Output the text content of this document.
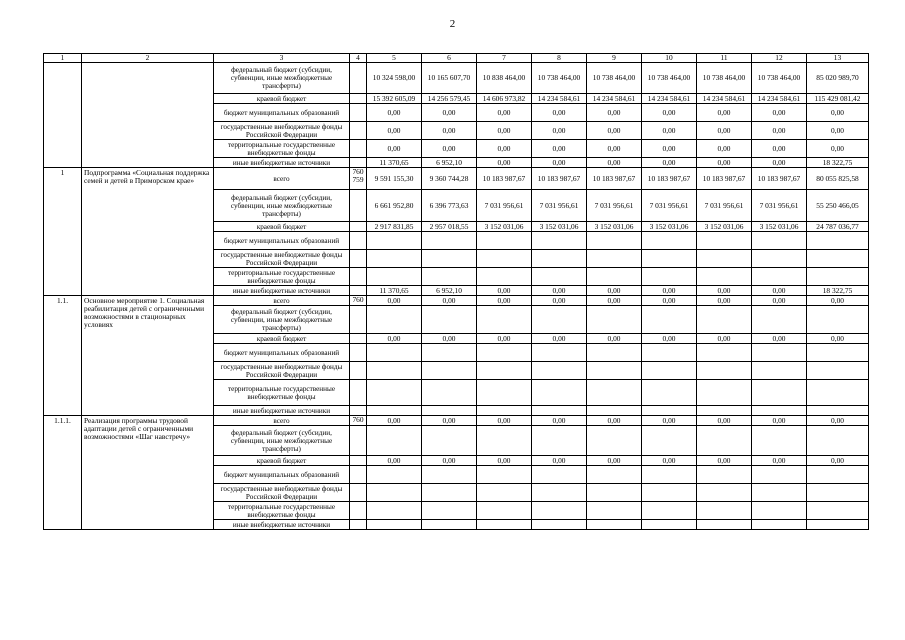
2
1	2	3	4	5	6	7	8	9	10	11	12	13
		федеральный бюджет (субсидии, субвенции, иные межбюджетные трансферты)		10 324 598,00	10 165 607,70	10 838 464,00	10 738 464,00	10 738 464,00	10 738 464,00	10 738 464,00	10 738 464,00	85 020 989,70
		краевой бюджет		15 392 605,09	14 256 579,45	14 606 973,82	14 234 584,61	14 234 584,61	14 234 584,61	14 234 584,61	14 234 584,61	115 429 081,42
		бюджет муниципальных образований		0,00	0,00	0,00	0,00	0,00	0,00	0,00	0,00	0,00
		государственные внебюджетные фонды Российской Федерации		0,00	0,00	0,00	0,00	0,00	0,00	0,00	0,00	0,00
		территориальные государственные внебюджетные фонды		0,00	0,00	0,00	0,00	0,00	0,00	0,00	0,00	0,00
		иные внебюджетные источники		11 370,65	6 952,10	0,00	0,00	0,00	0,00	0,00	0,00	18 322,75
1	Подпрограмма «Социальная поддержка семей и детей в Приморском крае»	всего	760 759	9 591 155,30	9 360 744,28	10 183 987,67	10 183 987,67	10 183 987,67	10 183 987,67	10 183 987,67	10 183 987,67	80 055 825,58
		федеральный бюджет (субсидии, субвенции, иные межбюджетные трансферты)		6 661 952,80	6 396 773,63	7 031 956,61	7 031 956,61	7 031 956,61	7 031 956,61	7 031 956,61	7 031 956,61	55 250 466,05
		краевой бюджет		2 917 831,85	2 957 018,55	3 152 031,06	3 152 031,06	3 152 031,06	3 152 031,06	3 152 031,06	3 152 031,06	24 787 036,77
		бюджет муниципальных образований										
		государственные внебюджетные фонды Российской Федерации										
		территориальные государственные внебюджетные фонды										
		иные внебюджетные источники		11 370,65	6 952,10	0,00	0,00	0,00	0,00	0,00	0,00	18 322,75
1.1.	Основное мероприятие 1. Социальная реабилитация детей с ограниченными возможностями в стационарных условиях	всего	760	0,00	0,00	0,00	0,00	0,00	0,00	0,00	0,00	0,00
		федеральный бюджет (субсидии, субвенции, иные межбюджетные трансферты)										
		краевой бюджет		0,00	0,00	0,00	0,00	0,00	0,00	0,00	0,00	0,00
		бюджет муниципальных образований										
		государственные внебюджетные фонды Российской Федерации										
		территориальные государственные внебюджетные фонды										
		иные внебюджетные источники										
1.1.1.	Реализация программы трудовой адаптации детей с ограниченными возможностями «Шаг навстречу»	всего	760	0,00	0,00	0,00	0,00	0,00	0,00	0,00	0,00	0,00
		федеральный бюджет (субсидии, субвенции, иные межбюджетные трансферты)										
		краевой бюджет		0,00	0,00	0,00	0,00	0,00	0,00	0,00	0,00	0,00
		бюджет муниципальных образований										
		государственные внебюджетные фонды Российской Федерации										
		территориальные государственные внебюджетные фонды										
		иные внебюджетные источники										
